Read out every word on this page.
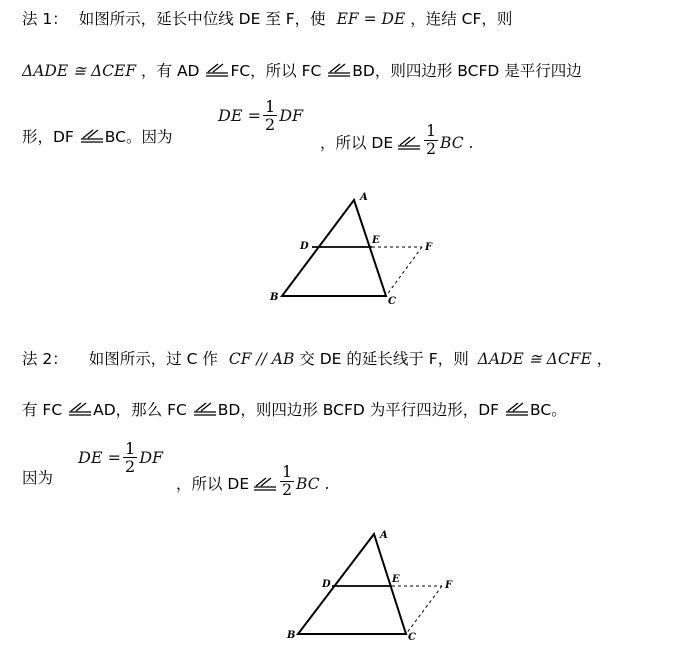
法 1： 如图所示，延长中位线 DE 至 F，使 EF = DE ，连结 CF，则
ΔADE ≅ ΔCEF ，有 AD FC，所以 FC BD，则四边形 BCFD 是平行四边
形，DF BC。因为
DE = $\frac{1}{2}$ DF
，所以 DE $\frac{1}{2}$ BC .
A
D
E
F
B	C
法 2： 如图所示，过 C 作 CF // AB 交 DE 的延长线于 F，则 ΔADE ≅ ΔCFE ，
有 FC AD，那么 FC BD，则四边形 BCFD 为平行四边形，DF BC。
因为
DE = $\frac{1}{2}$ DF
，所以 DE $\frac{1}{2}$ BC .
A
D	E
F
B	C
